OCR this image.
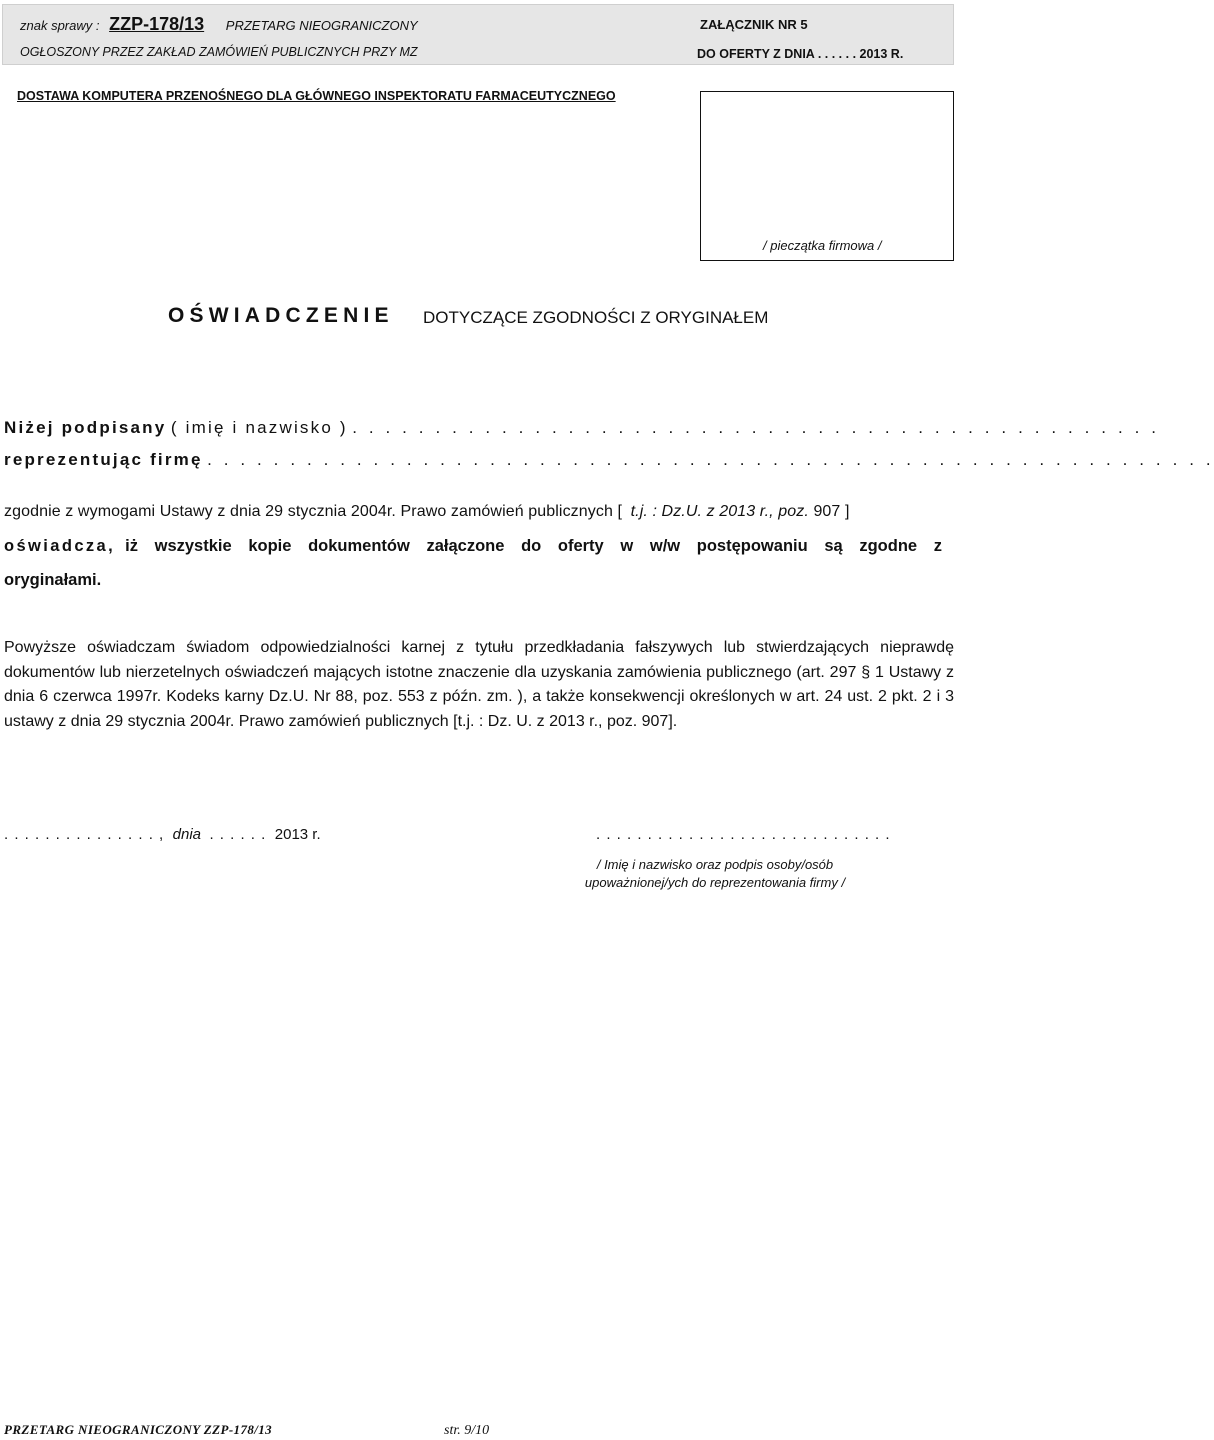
znak sprawy : ZZP-178/13 PRZETARG NIEOGRANICZONY
OGŁOSZONY PRZEZ ZAKŁAD ZAMÓWIEŃ PUBLICZNYCH PRZY MZ
ZAŁĄCZNIK NR 5
DO OFERTY Z DNIA . . . . . . 2013 R.
DOSTAWA KOMPUTERA PRZENOŚNEGO DLA GŁÓWNEGO INSPEKTORATU FARMACEUTYCZNEGO
/ pieczątka firmowa /
OŚWIADCZENIE DOTYCZĄCE ZGODNOŚCI Z ORYGINAŁEM
Niżej podpisany ( imię i nazwisko ) . . . . . . . . . . . . . . . . . . . . . . . . . . . . . . . . . . . . . . . . . . . . . . . . .
reprezentując firmę . . . . . . . . . . . . . . . . . . . . . . . . . . . . . . . . . . . . . . . . . . . . . . . . . . . . . . . . . . . . .
zgodnie z wymogami Ustawy z dnia 29 stycznia 2004r. Prawo zamówień publicznych [ t.j. : Dz.U. z 2013 r., poz. 907 ]
oświadcza, iż wszystkie kopie dokumentów załączone do oferty w w/w postępowaniu są zgodne z
oryginałami.
Powyższe oświadczam świadom odpowiedzialności karnej z tytułu przedkładania fałszywych lub stwierdzających nieprawdę dokumentów lub nierzetelnych oświadczeń mających istotne znaczenie dla uzyskania zamówienia publicznego (art. 297 § 1 Ustawy z dnia 6 czerwca 1997r. Kodeks karny Dz.U. Nr 88, poz. 553 z późn. zm. ), a także konsekwencji określonych w art. 24 ust. 2 pkt. 2 i 3 ustawy z dnia 29 stycznia 2004r. Prawo zamówień publicznych [t.j. : Dz. U. z 2013 r., poz. 907].
. . . . . . . . . . . . . . . , dnia . . . . . . 2013 r.	. . . . . . . . . . . . . . . . . . . . . . . . . . . . .
/ Imię i nazwisko oraz podpis osoby/osób
upoważnionej/ych do reprezentowania firmy /
PRZETARG NIEOGRANICZONY ZZP-178/13	str. 9/10
